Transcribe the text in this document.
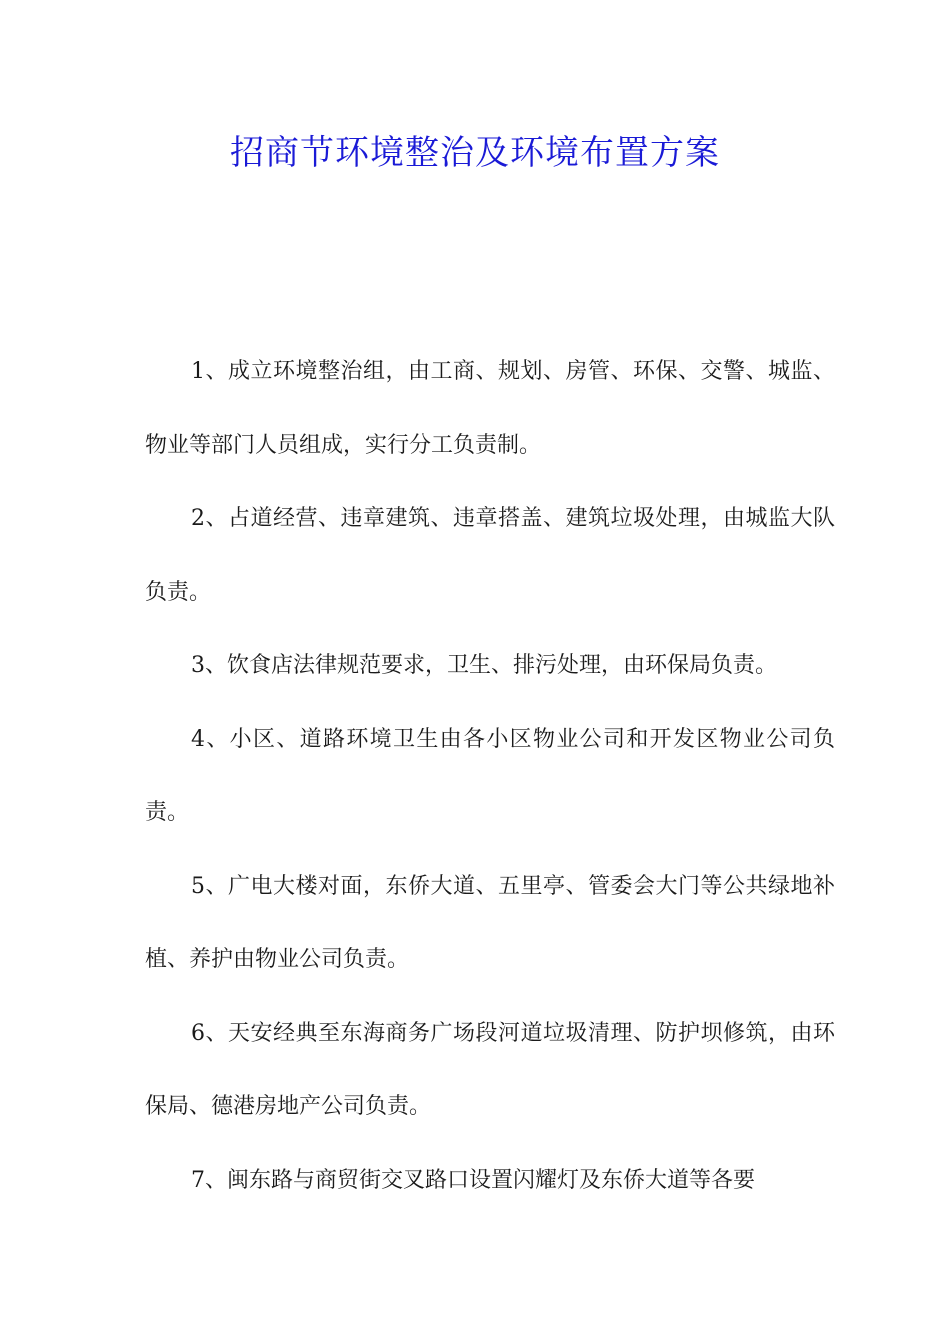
招商节环境整治及环境布置方案

1、成立环境整治组，由工商、规划、房管、环保、交警、城监、物业等部门人员组成，实行分工负责制。

2、占道经营、违章建筑、违章搭盖、建筑垃圾处理，由城监大队负责。

3、饮食店法律规范要求，卫生、排污处理，由环保局负责。

4、小区、道路环境卫生由各小区物业公司和开发区物业公司负责。

5、广电大楼对面，东侨大道、五里亭、管委会大门等公共绿地补植、养护由物业公司负责。

6、天安经典至东海商务广场段河道垃圾清理、防护坝修筑，由环保局、德港房地产公司负责。

7、闽东路与商贸街交叉路口设置闪耀灯及东侨大道等各要
